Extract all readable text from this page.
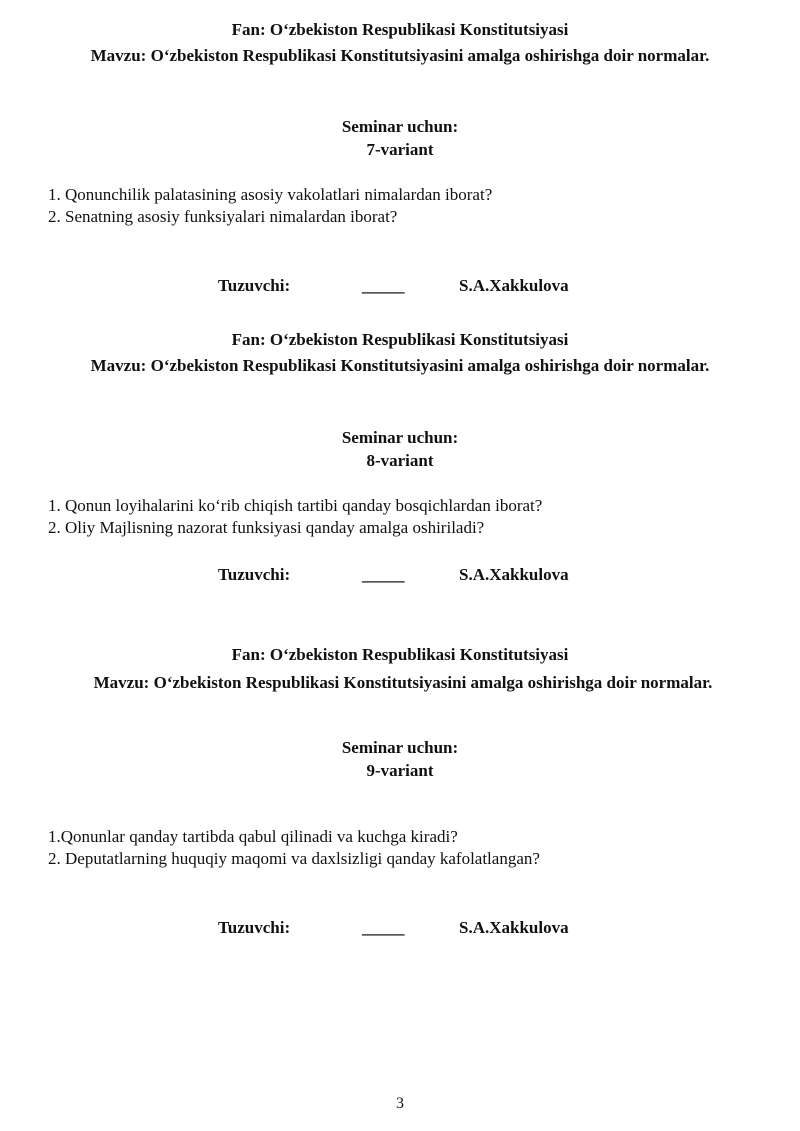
Fan: O‘zbekiston Respublikasi Konstitutsiyasi
Mavzu: O‘zbekiston Respublikasi Konstitutsiyasini amalga oshirishga doir normalar.
Seminar uchun:
7-variant
1. Qonunchilik palatasining asosiy vakolatlari nimalardan iborat?
2. Senatning asosiy funksiyalari nimalardan iborat?
Tuzuvchi:	_____	S.A.Xakkulova
Fan: O‘zbekiston Respublikasi Konstitutsiyasi
Mavzu: O‘zbekiston Respublikasi Konstitutsiyasini amalga oshirishga doir normalar.
Seminar uchun:
8-variant
1. Qonun loyihalarini ko‘rib chiqish tartibi qanday bosqichlardan iborat?
2. Oliy Majlisning nazorat funksiyasi qanday amalga oshiriladi?
Tuzuvchi:	_____	S.A.Xakkulova
Fan: O‘zbekiston Respublikasi Konstitutsiyasi
Mavzu: O‘zbekiston Respublikasi Konstitutsiyasini amalga oshirishga doir normalar.
Seminar uchun:
9-variant
1.Qonunlar qanday tartibda qabul qilinadi va kuchga kiradi?
2. Deputatlarning huquqiy maqomi va daxlsizligi qanday kafolatlangan?
Tuzuvchi:	_____	S.A.Xakkulova
3
